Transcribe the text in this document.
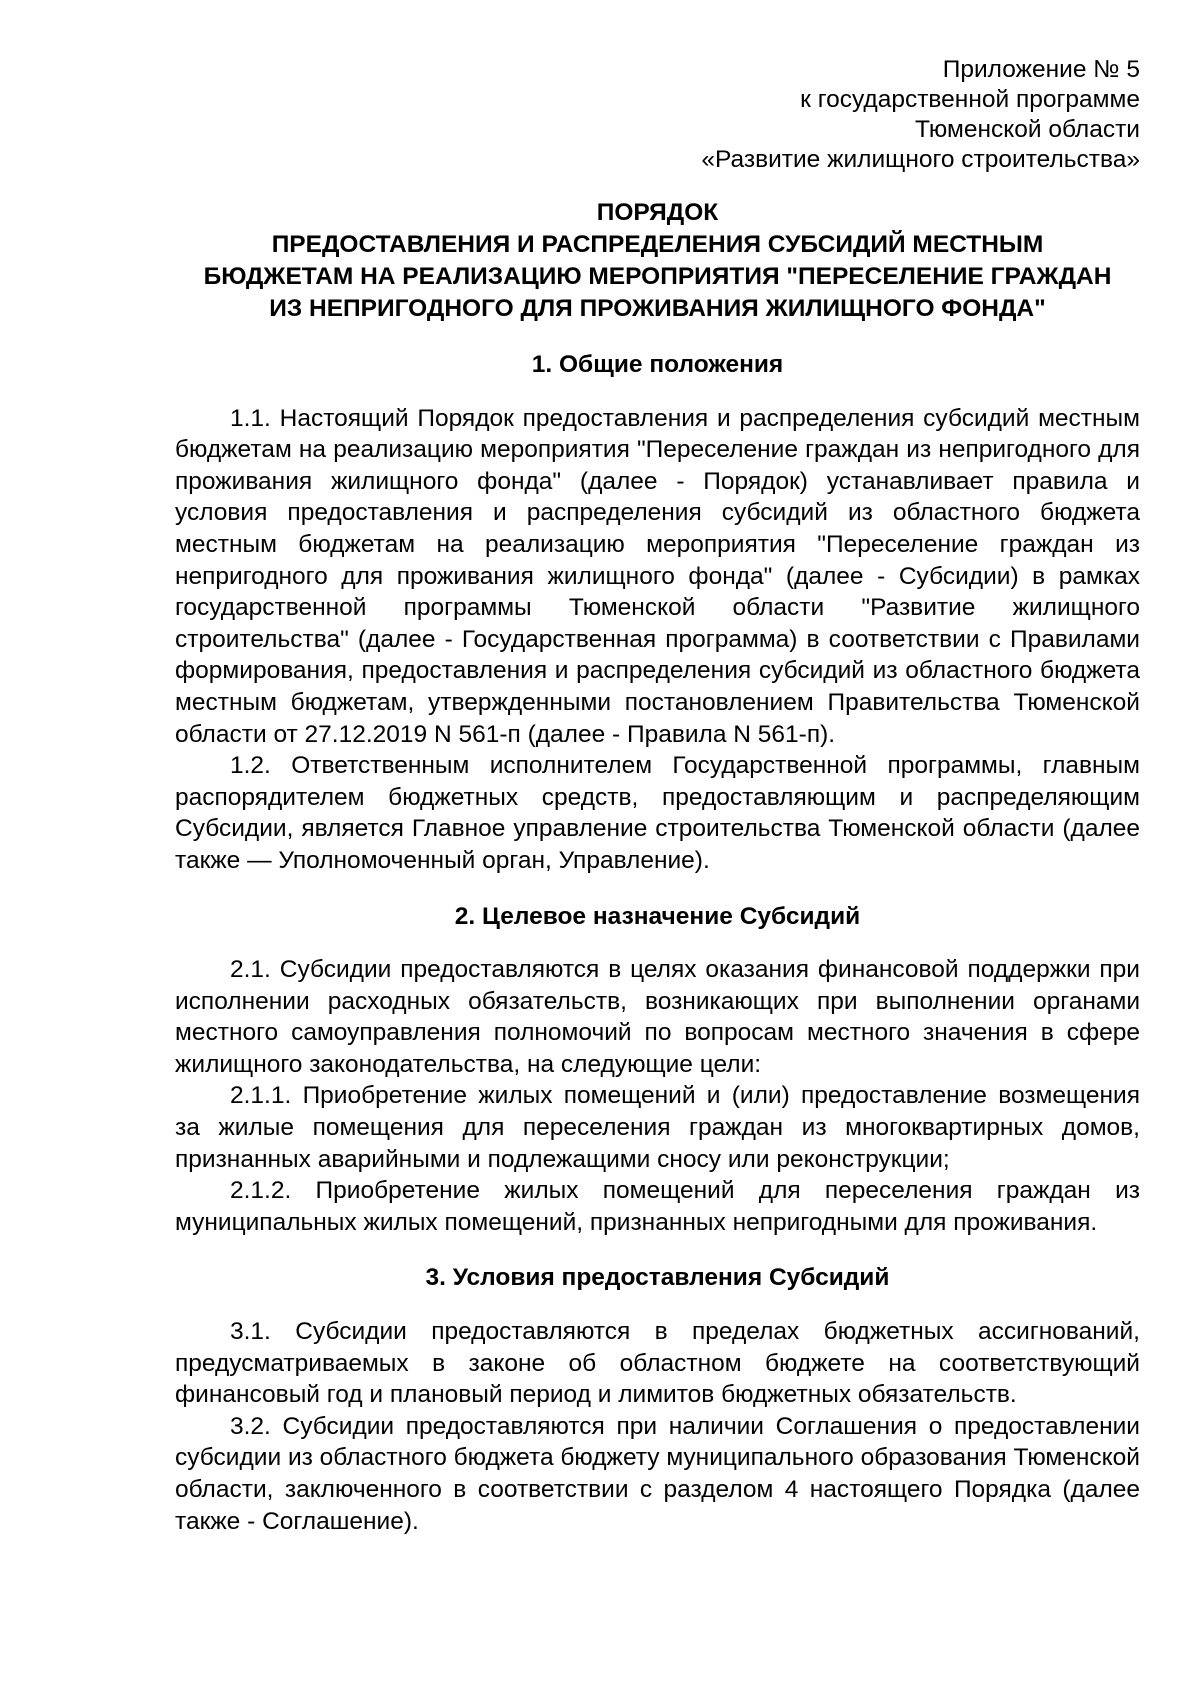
Приложение № 5
к государственной программе
Тюменской области
«Развитие жилищного строительства»
ПОРЯДОК
ПРЕДОСТАВЛЕНИЯ И РАСПРЕДЕЛЕНИЯ СУБСИДИЙ МЕСТНЫМ
БЮДЖЕТАМ НА РЕАЛИЗАЦИЮ МЕРОПРИЯТИЯ "ПЕРЕСЕЛЕНИЕ ГРАЖДАН
ИЗ НЕПРИГОДНОГО ДЛЯ ПРОЖИВАНИЯ ЖИЛИЩНОГО ФОНДА"
1. Общие положения

1.1. Настоящий Порядок предоставления и распределения субсидий местным бюджетам на реализацию мероприятия "Переселение граждан из непригодного для проживания жилищного фонда" (далее - Порядок) устанавливает правила и условия предоставления и распределения субсидий из областного бюджета местным бюджетам на реализацию мероприятия "Переселение граждан из непригодного для проживания жилищного фонда" (далее - Субсидии) в рамках государственной программы Тюменской области "Развитие жилищного строительства" (далее - Государственная программа) в соответствии с Правилами формирования, предоставления и распределения субсидий из областного бюджета местным бюджетам, утвержденными постановлением Правительства Тюменской области от 27.12.2019 N 561-п (далее - Правила N 561-п).

1.2. Ответственным исполнителем Государственной программы, главным распорядителем бюджетных средств, предоставляющим и распределяющим Субсидии, является Главное управление строительства Тюменской области (далее также — Уполномоченный орган, Управление).

2. Целевое назначение Субсидий

2.1. Субсидии предоставляются в целях оказания финансовой поддержки при исполнении расходных обязательств, возникающих при выполнении органами местного самоуправления полномочий по вопросам местного значения в сфере жилищного законодательства, на следующие цели:

2.1.1. Приобретение жилых помещений и (или) предоставление возмещения за жилые помещения для переселения граждан из многоквартирных домов, признанных аварийными и подлежащими сносу или реконструкции;

2.1.2. Приобретение жилых помещений для переселения граждан из муниципальных жилых помещений, признанных непригодными для проживания.

3. Условия предоставления Субсидий

3.1. Субсидии предоставляются в пределах бюджетных ассигнований, предусматриваемых в законе об областном бюджете на соответствующий финансовый год и плановый период и лимитов бюджетных обязательств.

3.2. Субсидии предоставляются при наличии Соглашения о предоставлении субсидии из областного бюджета бюджету муниципального образования Тюменской области, заключенного в соответствии с разделом 4 настоящего Порядка (далее также - Соглашение).
